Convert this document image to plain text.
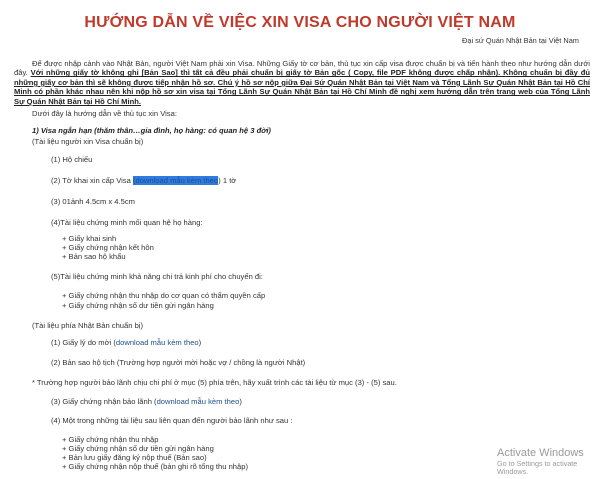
HƯỚNG DẪN VỀ VIỆC XIN VISA CHO NGƯỜI VIỆT NAM
Đại sứ Quán Nhật Bản tại Việt Nam
Để được nhập cảnh vào Nhật Bản, người Việt Nam phải xin Visa. Những Giấy tờ cơ bản, thủ tục xin cấp visa được chuẩn bị và tiến hành theo như hướng dẫn dưới đây. Với những giấy tờ không ghi [Bản Sao] thì tất cả đều phải chuẩn bị giấy tờ Bản gốc ( Copy, file PDF không được chấp nhận). Không chuẩn bị đầy đủ những giấy cơ bản thì sẽ không được tiếp nhận hồ sơ. Chú ý hồ sơ nộp giữa Đại Sứ Quán Nhật Bản tại Việt Nam và Tổng Lãnh Sự Quán Nhật Bản tại Hồ Chí Minh có phần khác nhau nên khi nộp hồ sơ xin visa tại Tổng Lãnh Sự Quán Nhật Bản tại Hồ Chí Minh đề nghị xem hướng dẫn trên trang web của Tổng Lãnh Sự Quán Nhật Bản tại Hồ Chí Minh.
Dưới đây là hướng dẫn về thủ tục xin Visa:
1) Visa ngắn hạn (thăm thân…gia đình, họ hàng: có quan hệ 3 đời)
(Tài liệu người xin Visa chuẩn bị)
(1) Hộ chiếu
(2) Tờ khai xin cấp Visa (download mẫu kèm theo) 1 tờ
(3) 01ảnh 4.5cm x 4.5cm
(4)Tài liệu chứng minh mối quan hệ họ hàng:
+ Giấy khai sinh
+ Giấy chứng nhận kết hôn
+ Bản sao hộ khẩu
(5)Tài liệu chứng minh khả năng chi trả kinh phí cho chuyến đi:
+ Giấy chứng nhận thu nhập do cơ quan có thẩm quyền cấp
+ Giấy chứng nhận số dư tiền gửi ngân hàng
(Tài liệu phía Nhật Bản chuẩn bị)
(1) Giấy lý do mời (download mẫu kèm theo)
(2) Bản sao hộ tịch (Trường hợp người mời hoặc vợ / chồng là người Nhật)
* Trường hợp người bảo lãnh chịu chi phí ở mục (5) phía trên, hãy xuất trình các tài liệu từ mục (3) - (5) sau.
(3) Giấy chứng nhận bảo lãnh (download mẫu kèm theo)
(4) Một trong những tài liệu sau liên quan đến người bảo lãnh như sau :
+ Giấy chứng nhận thu nhập
+ Giấy chứng nhận số dư tiền gửi ngân hàng
+ Bản lưu giấy đăng ký nộp thuế (Bản sao)
+ Giấy chứng nhận nộp thuế (bản ghi rõ tổng thu nhập)
Activate Windows
Go to Settings to activate Windows.
